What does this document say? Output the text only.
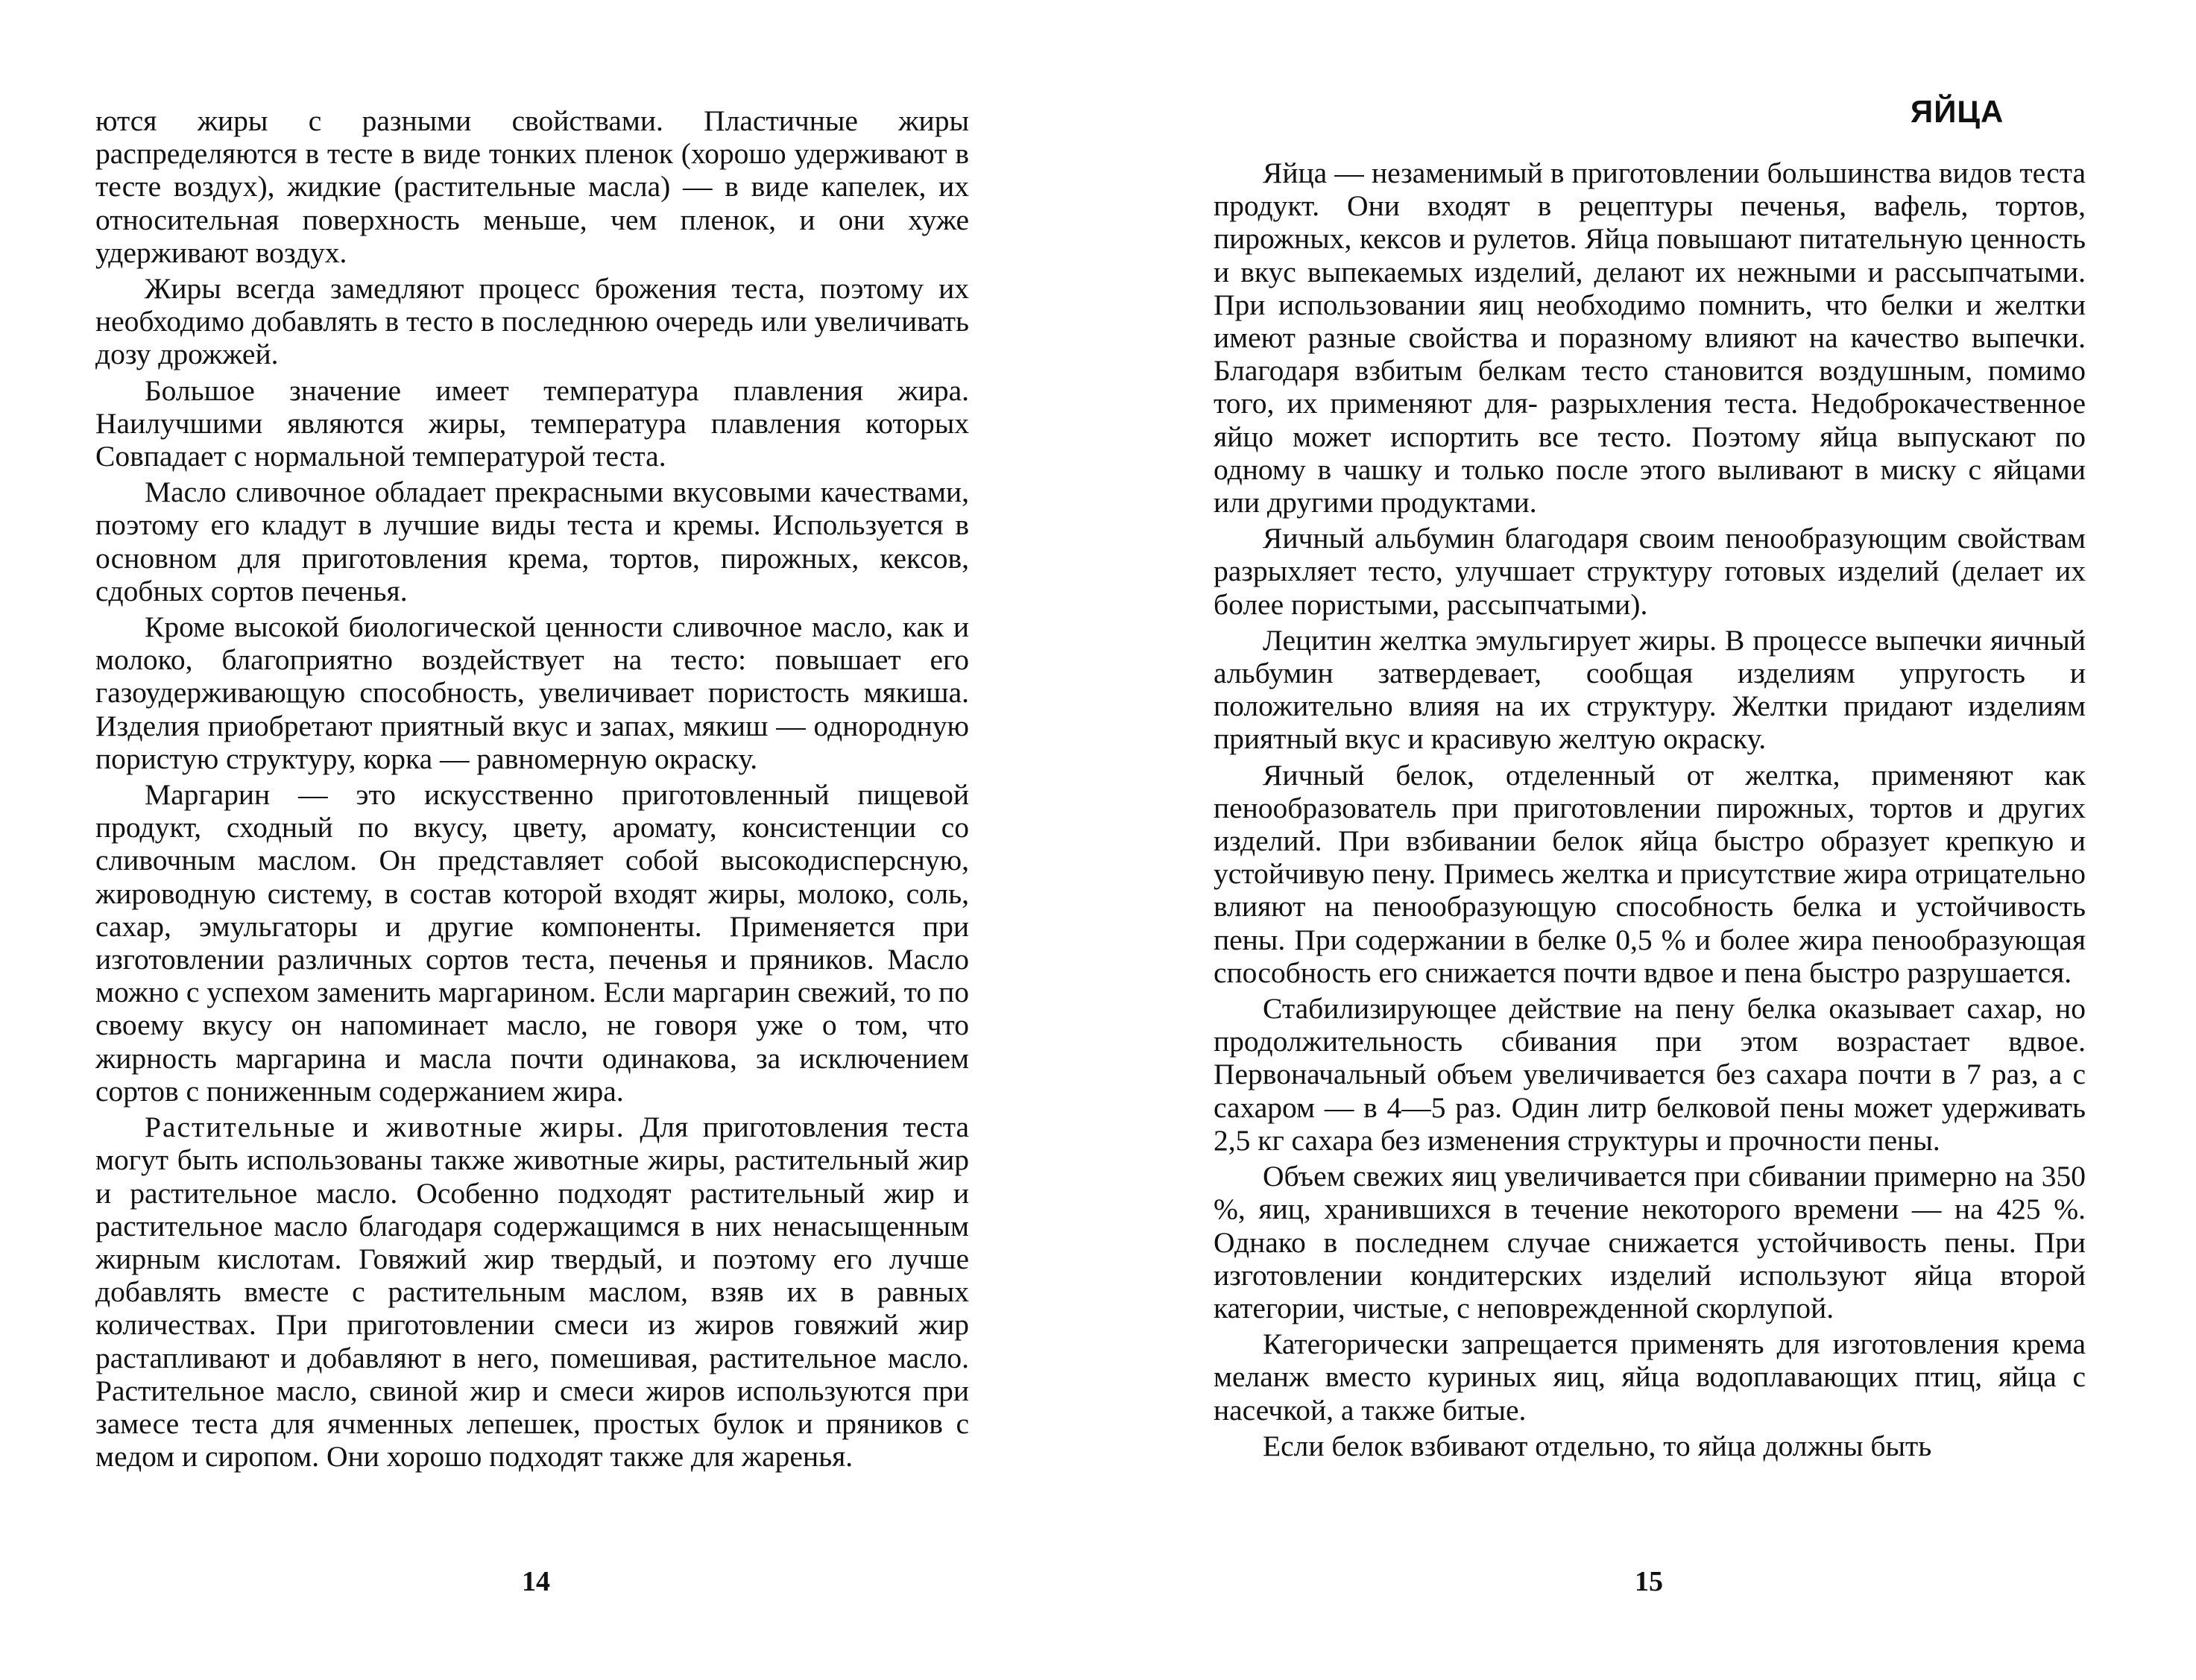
ются жиры с разными свойствами. Пластичные жиры распределяются в тесте в виде тонких пленок (хорошо удерживают в тесте воздух), жидкие (растительные масла) — в виде капелек, их относительная поверхность меньше, чем пленок, и они хуже удерживают воздух.

Жиры всегда замедляют процесс брожения теста, поэтому их необходимо добавлять в тесто в последнюю очередь или увеличивать дозу дрожжей.

Большое значение имеет температура плавления жира. Наилучшими являются жиры, температура плавления которых Совпадает с нормальной температурой теста.

Масло сливочное обладает прекрасными вкусовыми качествами, поэтому его кладут в лучшие виды теста и кремы. Используется в основном для приготовления крема, тортов, пирожных, кексов, сдобных сортов печенья.

Кроме высокой биологической ценности сливочное масло, как и молоко, благоприятно воздействует на тесто: повышает его газоудерживающую способность, увеличивает пористость мякиша. Изделия приобретают приятный вкус и запах, мякиш — однородную пористую структуру, корка — равномерную окраску.

Маргарин — это искусственно приготовленный пищевой продукт, сходный по вкусу, цвету, аромату, консистенции со сливочным маслом. Он представляет собой высокодисперсную, жироводную систему, в состав которой входят жиры, молоко, соль, сахар, эмульгаторы и другие компоненты. Применяется при изготовлении различных сортов теста, печенья и пряников. Масло можно с успехом заменить маргарином. Если маргарин свежий, то по своему вкусу он напоминает масло, не говоря уже о том, что жирность маргарина и масла почти одинакова, за исключением сортов с пониженным содержанием жира.

Растительные и животные жиры. Для приготовления теста могут быть использованы также животные жиры, растительный жир и растительное масло. Особенно подходят растительный жир и растительное масло благодаря содержащимся в них ненасыщенным жирным кислотам. Говяжий жир твердый, и поэтому его лучше добавлять вместе с растительным маслом, взяв их в равных количествах. При приготовлении смеси из жиров говяжий жир растапливают и добавляют в него, помешивая, растительное масло. Растительное масло, свиной жир и смеси жиров используются при замесе теста для ячменных лепешек, простых булок и пряников с медом и сиропом. Они хорошо подходят также для жаренья.

14
ЯЙЦА

Яйца — незаменимый в приготовлении большинства видов теста продукт. Они входят в рецептуры печенья, вафель, тортов, пирожных, кексов и рулетов. Яйца повышают питательную ценность и вкус выпекаемых изделий, делают их нежными и рассыпчатыми. При использовании яиц необходимо помнить, что белки и желтки имеют разные свойства и поразному влияют на качество выпечки. Благодаря взбитым белкам тесто становится воздушным, помимо того, их применяют для- разрыхления теста. Недоброкачественное яйцо может испортить все тесто. Поэтому яйца выпускают по одному в чашку и только после этого выливают в миску с яйцами или другими продуктами.

Яичный альбумин благодаря своим пенообразующим свойствам разрыхляет тесто, улучшает структуру готовых изделий (делает их более пористыми, рассыпчатыми).

Лецитин желтка эмульгирует жиры. В процессе выпечки яичный альбумин затвердевает, сообщая изделиям упругость и положительно влияя на их структуру. Желтки придают изделиям приятный вкус и красивую желтую окраску.

Яичный белок, отделенный от желтка, применяют как пенообразователь при приготовлении пирожных, тортов и других изделий. При взбивании белок яйца быстро образует крепкую и устойчивую пену. Примесь желтка и присутствие жира отрицательно влияют на пенообразующую способность белка и устойчивость пены. При содержании в белке 0,5 % и более жира пенообразующая способность его снижается почти вдвое и пена быстро разрушается.

Стабилизирующее действие на пену белка оказывает сахар, но продолжительность сбивания при этом возрастает вдвое. Первоначальный объем увеличивается без сахара почти в 7 раз, а с сахаром — в 4—5 раз. Один литр белковой пены может удерживать 2,5 кг сахара без изменения структуры и прочности пены.

Объем свежих яиц увеличивается при сбивании примерно на 350 %, яиц, хранившихся в течение некоторого времени — на 425 %. Однако в последнем случае снижается устойчивость пены. При изготовлении кондитерских изделий используют яйца второй категории, чистые, с неповрежденной скорлупой.

Категорически запрещается применять для изготовления крема меланж вместо куриных яиц, яйца водоплавающих птиц, яйца с насечкой, а также битые.

Если белок взбивают отдельно, то яйца должны быть

15
